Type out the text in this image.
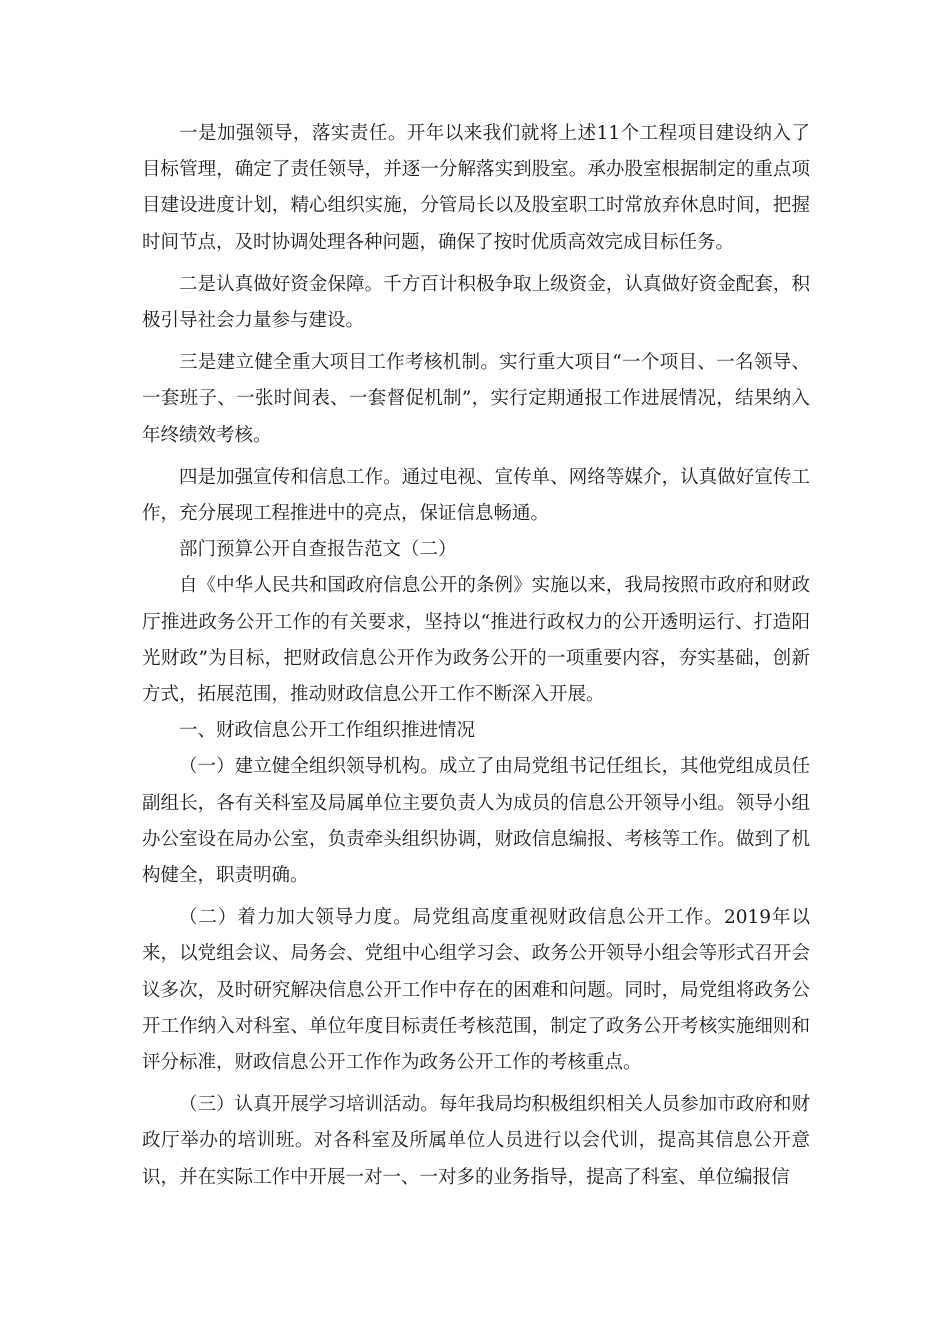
一是加强领导，落实责任。开年以来我们就将上述11个工程项目建设纳入了目标管理，确定了责任领导，并逐一分解落实到股室。承办股室根据制定的重点项目建设进度计划，精心组织实施，分管局长以及股室职工时常放弃休息时间，把握时间节点，及时协调处理各种问题，确保了按时优质高效完成目标任务。

二是认真做好资金保障。千方百计积极争取上级资金，认真做好资金配套，积极引导社会力量参与建设。

三是建立健全重大项目工作考核机制。实行重大项目“一个项目、一名领导、一套班子、一张时间表、一套督促机制”，实行定期通报工作进展情况，结果纳入年终绩效考核。

四是加强宣传和信息工作。通过电视、宣传单、网络等媒介，认真做好宣传工作，充分展现工程推进中的亮点，保证信息畅通。

部门预算公开自查报告范文（二）

自《中华人民共和国政府信息公开的条例》实施以来，我局按照市政府和财政厅推进政务公开工作的有关要求，坚持以“推进行政权力的公开透明运行、打造阳光财政”为目标，把财政信息公开作为政务公开的一项重要内容，夯实基础，创新方式，拓展范围，推动财政信息公开工作不断深入开展。

一、财政信息公开工作组织推进情况

（一）建立健全组织领导机构。成立了由局党组书记任组长，其他党组成员任副组长，各有关科室及局属单位主要负责人为成员的信息公开领导小组。领导小组办公室设在局办公室，负责牵头组织协调，财政信息编报、考核等工作。做到了机构健全，职责明确。

（二）着力加大领导力度。局党组高度重视财政信息公开工作。2019年以来，以党组会议、局务会、党组中心组学习会、政务公开领导小组会等形式召开会议多次，及时研究解决信息公开工作中存在的困难和问题。同时，局党组将政务公开工作纳入对科室、单位年度目标责任考核范围，制定了政务公开考核实施细则和评分标准，财政信息公开工作作为政务公开工作的考核重点。

（三）认真开展学习培训活动。每年我局均积极组织相关人员参加市政府和财政厅举办的培训班。对各科室及所属单位人员进行以会代训，提高其信息公开意识，并在实际工作中开展一对一、一对多的业务指导，提高了科室、单位编报信
